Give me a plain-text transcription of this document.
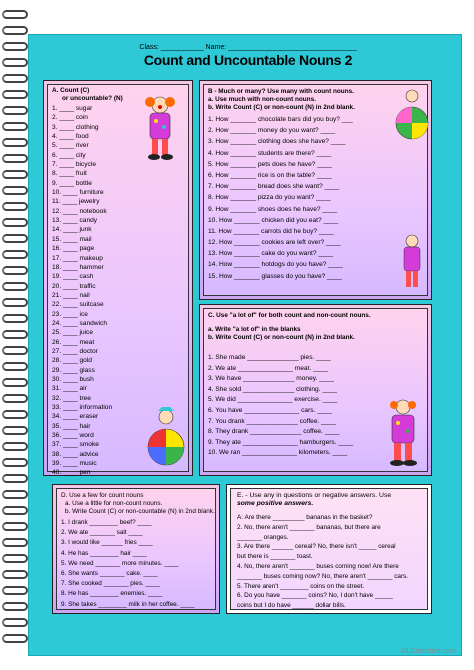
Class: ___________ Name: _________________________________
Count and Uncountable Nouns 2
A. Count (C)
or uncountable? (N)
1. ____ sugar
2. ____ coin
3. ____ clothing
4. ____ food
5. ____ river
6. ____ city
7. ____ bicycle
8. ____ fruit
9. ____ bottle
10. ____ furniture
11. ____ jewelry
12. ____ notebook
13. ____ candy
14. ____ junk
15. ____ mail
16. ____ page
17. ____ makeup
18. ____ hammer
19. ____ cash
20. ____ traffic
21. ____ nail
22. ____ suitcase
23. ____ ice
24. ____ sandwich
25. ____ juice
26. ____ meat
27. ____ doctor
28. ____ gold
29. ____ glass
30. ____ bush
31. ____ air
32. ____ tree
33. ____ information
34. ____ eraser
35. ____ hair
36. ____ word
37. ____ smoke
38. ____ advice
39. ____ music
40. ____ pen
B - Much or many? Use many with count nouns.
a. Use much with non-count nouns.
b. Write Count (C) or non-count (N) in 2nd blank.
1. How _______ chocolate bars did you buy? ___
2. How _______ money do you want? ____
3. How _______ clothing does she have? ____
4. How _______ students are there? ____
5. How _______ pets does he have? ____
6. How _______ rice is on the table? ____
7. How _______ bread does she want? ____
8. How _______ pizza do you want? ____
9. How _______ shoes does he have? ____
10. How _______ chicken did you eat? ____
11. How _______ carrots did he buy? ____
12. How _______ cookies are left over? ____
13. How _______ cake do you want? ____
14. How _______ hotdogs do you have? ____
15. How _______ glasses do you have? ____
C. Use "a lot of" for both count and non-count nouns.
a. Write "a lot of" in the blanks
b. Write Count (C) or non-count (N) in 2nd blank.
1. She made ______________ pies. ____
2. We ate _______________ meat. ____
3. We have ______________ money. ____
4. She sold ______________ clothing. ____
5. We did _______________ exercise. ____
6. You have _______________ cars. ____
7. You drank ______________ coffee. ____
8. They drank ______________ coffee. ____
9. They ate _______________ hamburgers. ____
10. We ran _______________ kilometers. ____
D. Use a few for count nouns
a. Use a little for non-count nouns.
b. Write Count (C) or non-countable (N) in 2nd blank.
1. I drank ________ beef? ____
2. We ate _______ salt ____
3. I would like ______ fries ____
4. He has ________ hair ____
5. We need _______ more minutes. ____
6. She wants _______ cake. ____
7. She cooked _______ pies. ____
8. He has ________ enemies. ____
9. She takes ________ milk in her coffee. ____
E. - Use any in questions or negative answers. Use
some positive answers.
A: Are there _________ bananas in the basket?
2. No, there aren't _______ bananas, but there are
_______ oranges.
3. Are there ______ cereal? No, there isn't _____ cereal
but there is _______ toast.
4. No, there aren't _______ buses coming now! Are there
_______ buses coming now? No, there aren't _______ cars.
5. There aren't ________ coins on the street.
6. Do you have _______ coins? No, I don't have _____
coins but I do have ______ dollar bills.
iSLCollective.com
